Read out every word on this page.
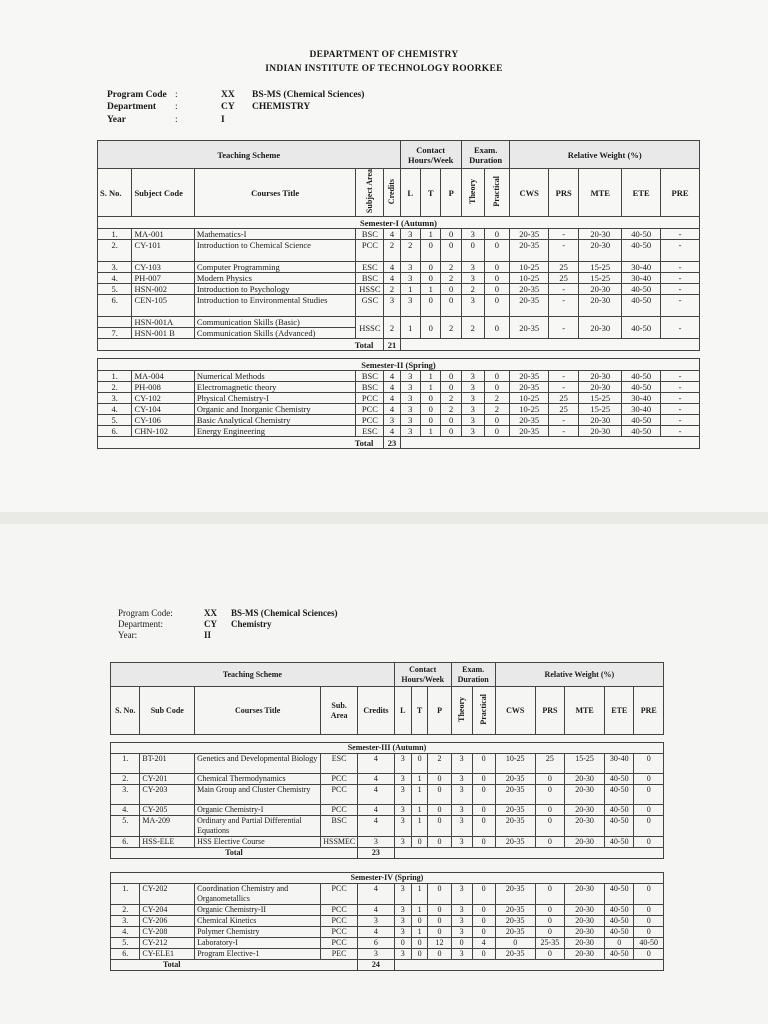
DEPARTMENT OF CHEMISTRY
INDIAN INSTITUTE OF TECHNOLOGY ROORKEE
Program Code :	XX BS-MS (Chemical Sciences)
Department :	CY CHEMISTRY
Year	:	I
Teaching Scheme					Contact Hours/Week			Exam. Duration		Relative Weight (%)				
S. No.	Subject Code	Courses Title	Subject Area	Credits	L	T	P	Theory	Practical	CWS	PRS	MTE	ETE	PRE
Semester-I (Autumn)														
1.	MA-001	Mathematics-I	BSC	4	3	1	0	3	0	20-35	-	20-30	40-50	-
2.	CY-101	Introduction to Chemical Science	PCC	2	2	0	0	0	0	20-35	-	20-30	40-50	-
3.	CY-103	Computer Programming	ESC	4	3	0	2	3	0	10-25	25	15-25	30-40	-
4.	PH-007	Modern Physics	BSC	4	3	0	2	3	0	10-25	25	15-25	30-40	-
5.	HSN-002	Introduction to Psychology	HSSC	2	1	1	0	2	0	20-35	-	20-30	40-50	-
6.	CEN-105	Introduction to Environmental Studies	GSC	3	3	0	0	3	0	20-35	-	20-30	40-50	-
	HSN-001A	Communication Skills (Basic)	HSSC	2	1	0	2	2	0	20-35	-	20-30	40-50	-
7.	HSN-001 B	Communication Skills (Advanced)												
Total				21										

Semester-II (Spring)														
1.	MA-004	Numerical Methods	BSC	4	3	1	0	3	0	20-35	-	20-30	40-50	-
2.	PH-008	Electromagnetic theory	BSC	4	3	1	0	3	0	20-35	-	20-30	40-50	-
3.	CY-102	Physical Chemistry-I	PCC	4	3	0	2	3	2	10-25	25	15-25	30-40	-
4.	CY-104	Organic and Inorganic Chemistry	PCC	4	3	0	2	3	2	10-25	25	15-25	30-40	-
5.	CY-106	Basic Analytical Chemistry	PCC	3	3	0	0	3	0	20-35	-	20-30	40-50	-
6.	CHN-102	Energy Engineering	ESC	4	3	1	0	3	0	20-35	-	20-30	40-50	-
Total				23										
Program Code:	XX BS-MS (Chemical Sciences)
Department:	CY Chemistry
Year:	II
Teaching Scheme					Contact Hours/Week			Exam. Duration		Relative Weight (%)				
S. No.	Sub Code	Courses Title	Sub. Area	Credits	L	T	P	Theory	Practical	CWS	PRS	MTE	ETE	PRE

Semester-III (Autumn)														
1.	BT-201	Genetics and Developmental Biology	ESC	4	3	0	2	3	0	10-25	25	15-25	30-40	0
2.	CY-201	Chemical Thermodynamics	PCC	4	3	1	0	3	0	20-35	0	20-30	40-50	0
3.	CY-203	Main Group and Cluster Chemistry	PCC	4	3	1	0	3	0	20-35	0	20-30	40-50	0
4.	CY-205	Organic Chemistry-I	PCC	4	3	1	0	3	0	20-35	0	20-30	40-50	0
5.	MA-209	Ordinary and Partial Differential Equations	BSC	4	3	1	0	3	0	20-35	0	20-30	40-50	0
6.	HSS-ELE	HSS Elective Course	HSSMEC	3	3	0	0	3	0	20-35	0	20-30	40-50	0
Total				23										

Semester-IV (Spring)														
1.	CY-202	Coordination Chemistry and Organometallics	PCC	4	3	1	0	3	0	20-35	0	20-30	40-50	0
2.	CY-204	Organic Chemistry-II	PCC	4	3	1	0	3	0	20-35	0	20-30	40-50	0
3.	CY-206	Chemical Kinetics	PCC	3	3	0	0	3	0	20-35	0	20-30	40-50	0
4.	CY-208	Polymer Chemistry	PCC	4	3	1	0	3	0	20-35	0	20-30	40-50	0
5.	CY-212	Laboratory-I	PCC	6	0	0	12	0	4	0	25-35	20-30	0	40-50
6.	CY-ELE1	Program Elective-1	PEC	3	3	0	0	3	0	20-35	0	20-30	40-50	0
Total				24										
